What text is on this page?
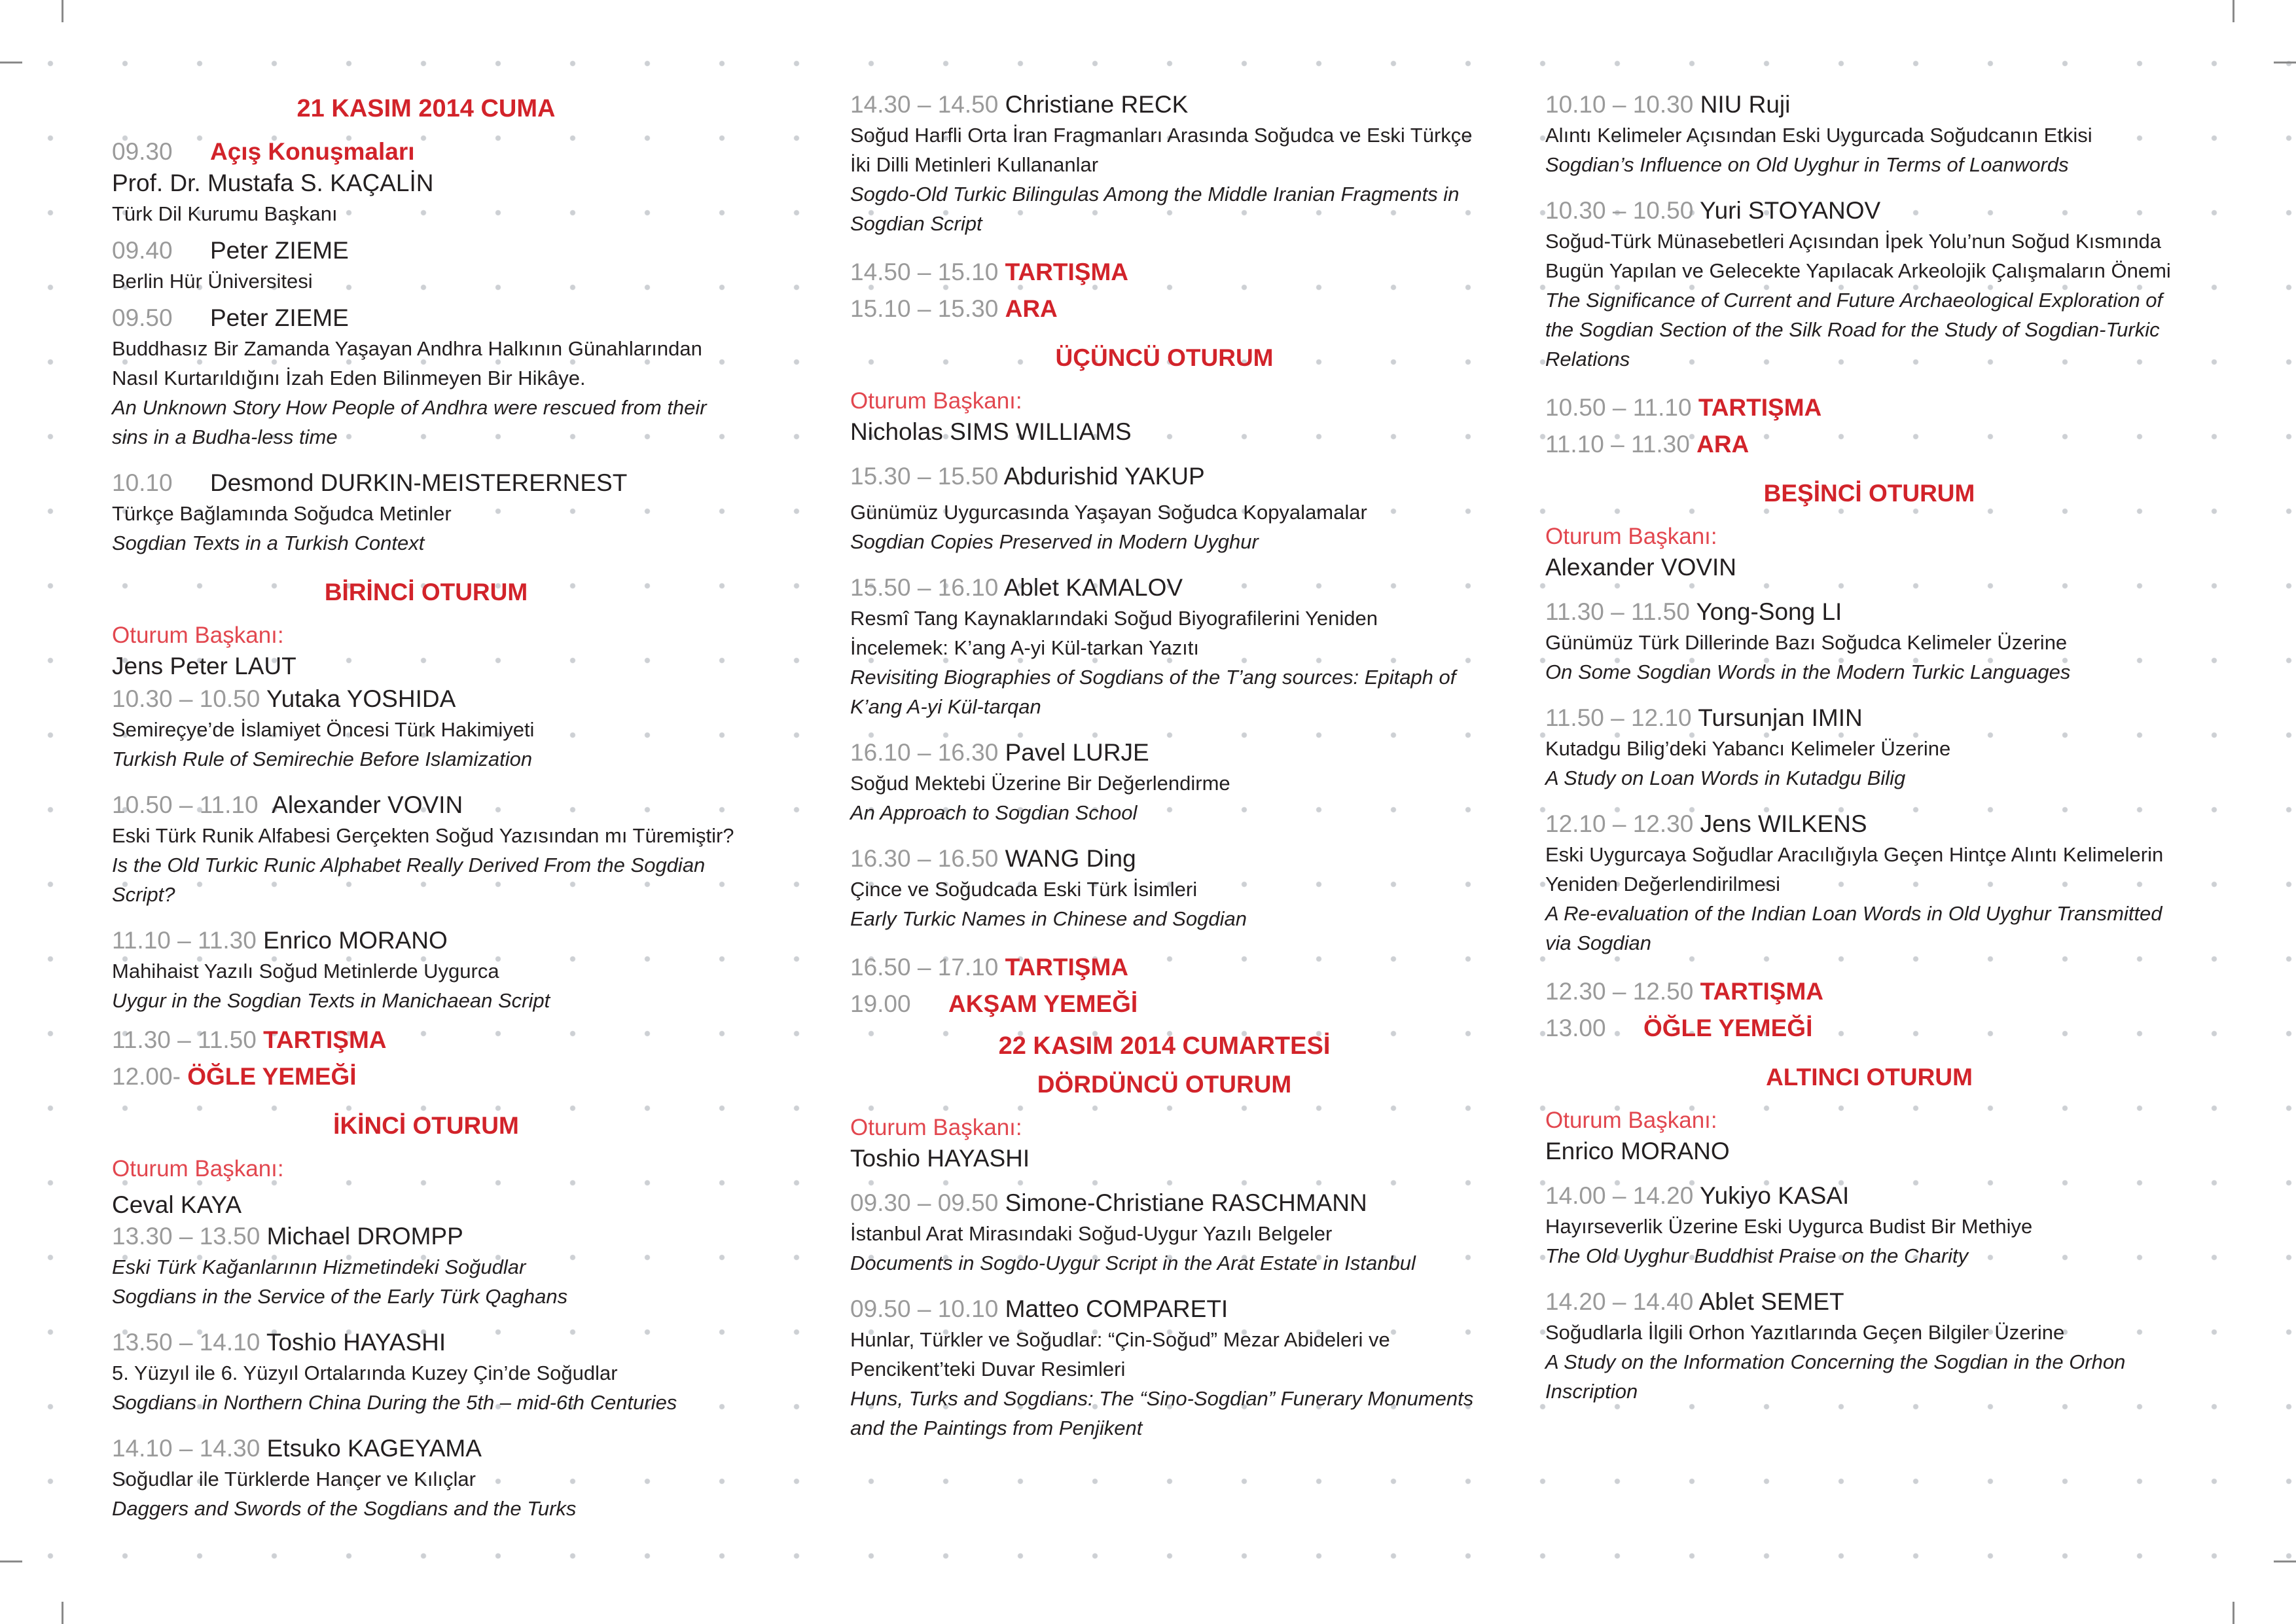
21 KASIM 2014 CUMA
09.30 Açış Konuşmaları
Prof. Dr. Mustafa S. KAÇALİN
Türk Dil Kurumu Başkanı
09.40 Peter ZIEME
Berlin Hür Üniversitesi
09.50 Peter ZIEME
Buddhasız Bir Zamanda Yaşayan Andhra Halkının Günahlarından Nasıl Kurtarıldığını İzah Eden Bilinmeyen Bir Hikâye.
An Unknown Story How People of Andhra were rescued from their sins in a Budha-less time
10.10 Desmond DURKIN-MEISTERERNEST
Türkçe Bağlamında Soğudca Metinler
Sogdian Texts in a Turkish Context
BİRİNCİ OTURUM
Oturum Başkanı:
Jens Peter LAUT
10.30 – 10.50 Yutaka YOSHIDA
Semireçye’de İslamiyet Öncesi Türk Hakimiyeti
Turkish Rule of Semirechie Before Islamization
10.50 – 11.10 Alexander VOVIN
Eski Türk Runik Alfabesi Gerçekten Soğud Yazısından mı Türemiştir?
Is the Old Turkic Runic Alphabet Really Derived From the Sogdian Script?
11.10 – 11.30 Enrico MORANO
Mahihaist Yazılı Soğud Metinlerde Uygurca
Uygur in the Sogdian Texts in Manichaean Script
11.30 – 11.50 TARTIŞMA
12.00- ÖĞLE YEMEĞİ
İKİNCİ OTURUM
Oturum Başkanı:
Ceval KAYA
13.30 – 13.50 Michael DROMPP
Eski Türk Kağanlarının Hizmetindeki Soğudlar
Sogdians in the Service of the Early Türk Qaghans
13.50 – 14.10 Toshio HAYASHI
5. Yüzyıl ile 6. Yüzyıl Ortalarında Kuzey Çin’de Soğudlar
Sogdians in Northern China During the 5th – mid-6th Centuries
14.10 – 14.30 Etsuko KAGEYAMA
Soğudlar ile Türklerde Hançer ve Kılıçlar
Daggers and Swords of the Sogdians and the Turks
14.30 – 14.50 Christiane RECK
Soğud Harfli Orta İran Fragmanları Arasında Soğudca ve Eski Türkçe İki Dilli Metinleri Kullananlar
Sogdo-Old Turkic Bilingulas Among the Middle Iranian Fragments in Sogdian Script
14.50 – 15.10 TARTIŞMA
15.10 – 15.30 ARA
ÜÇÜNCÜ OTURUM
Oturum Başkanı:
Nicholas SIMS WILLIAMS
15.30 – 15.50 Abdurishid YAKUP
Günümüz Uygurcasında Yaşayan Soğudca Kopyalamalar
Sogdian Copies Preserved in Modern Uyghur
15.50 – 16.10 Ablet KAMALOV
Resmî Tang Kaynaklarındaki Soğud Biyografilerini Yeniden İncelemek: K’ang A-yi Kül-tarkan Yazıtı
Revisiting Biographies of Sogdians of the T’ang sources: Epitaph of K’ang A-yi Kül-tarqan
16.10 – 16.30 Pavel LURJE
Soğud Mektebi Üzerine Bir Değerlendirme
An Approach to Sogdian School
16.30 – 16.50 WANG Ding
Çince ve Soğudcada Eski Türk İsimleri
Early Turkic Names in Chinese and Sogdian
16.50 – 17.10 TARTIŞMA
19.00 AKŞAM YEMEĞİ
22 KASIM 2014 CUMARTESİ
DÖRDÜNCÜ OTURUM
Oturum Başkanı:
Toshio HAYASHI
09.30 – 09.50 Simone-Christiane RASCHMANN
İstanbul Arat Mirasındaki Soğud-Uygur Yazılı Belgeler
Documents in Sogdo-Uygur Script in the Arat Estate in Istanbul
09.50 – 10.10 Matteo COMPARETI
Hunlar, Türkler ve Soğudlar: “Çin-Soğud” Mezar Abideleri ve Pencikent’teki Duvar Resimleri
Huns, Turks and Sogdians: The “Sino-Sogdian” Funerary Monuments and the Paintings from Penjikent
10.10 – 10.30 NIU Ruji
Alıntı Kelimeler Açısından Eski Uygurcada Soğudcanın Etkisi
Sogdian’s Influence on Old Uyghur in Terms of Loanwords
10.30 – 10.50 Yuri STOYANOV
Soğud-Türk Münasebetleri Açısından İpek Yolu’nun Soğud Kısmında Bugün Yapılan ve Gelecekte Yapılacak Arkeolojik Çalışmaların Önemi
The Significance of Current and Future Archaeological Exploration of the Sogdian Section of the Silk Road for the Study of Sogdian-Turkic Relations
10.50 – 11.10 TARTIŞMA
11.10 – 11.30 ARA
BEŞİNCİ OTURUM
Oturum Başkanı:
Alexander VOVIN
11.30 – 11.50 Yong-Song LI
Günümüz Türk Dillerinde Bazı Soğudca Kelimeler Üzerine
On Some Sogdian Words in the Modern Turkic Languages
11.50 – 12.10 Tursunjan IMIN
Kutadgu Bilig’deki Yabancı Kelimeler Üzerine
A Study on Loan Words in Kutadgu Bilig
12.10 – 12.30 Jens WILKENS
Eski Uygurcaya Soğudlar Aracılığıyla Geçen Hintçe Alıntı Kelimelerin Yeniden Değerlendirilmesi
A Re-evaluation of the Indian Loan Words in Old Uyghur Transmitted via Sogdian
12.30 – 12.50 TARTIŞMA
13.00 ÖĞLE YEMEĞİ
ALTINCI OTURUM
Oturum Başkanı:
Enrico MORANO
14.00 – 14.20 Yukiyo KASAI
Hayırseverlik Üzerine Eski Uygurca Budist Bir Methiye
The Old Uyghur Buddhist Praise on the Charity
14.20 – 14.40 Ablet SEMET
Soğudlarla İlgili Orhon Yazıtlarında Geçen Bilgiler Üzerine
A Study on the Information Concerning the Sogdian in the Orhon Inscription
